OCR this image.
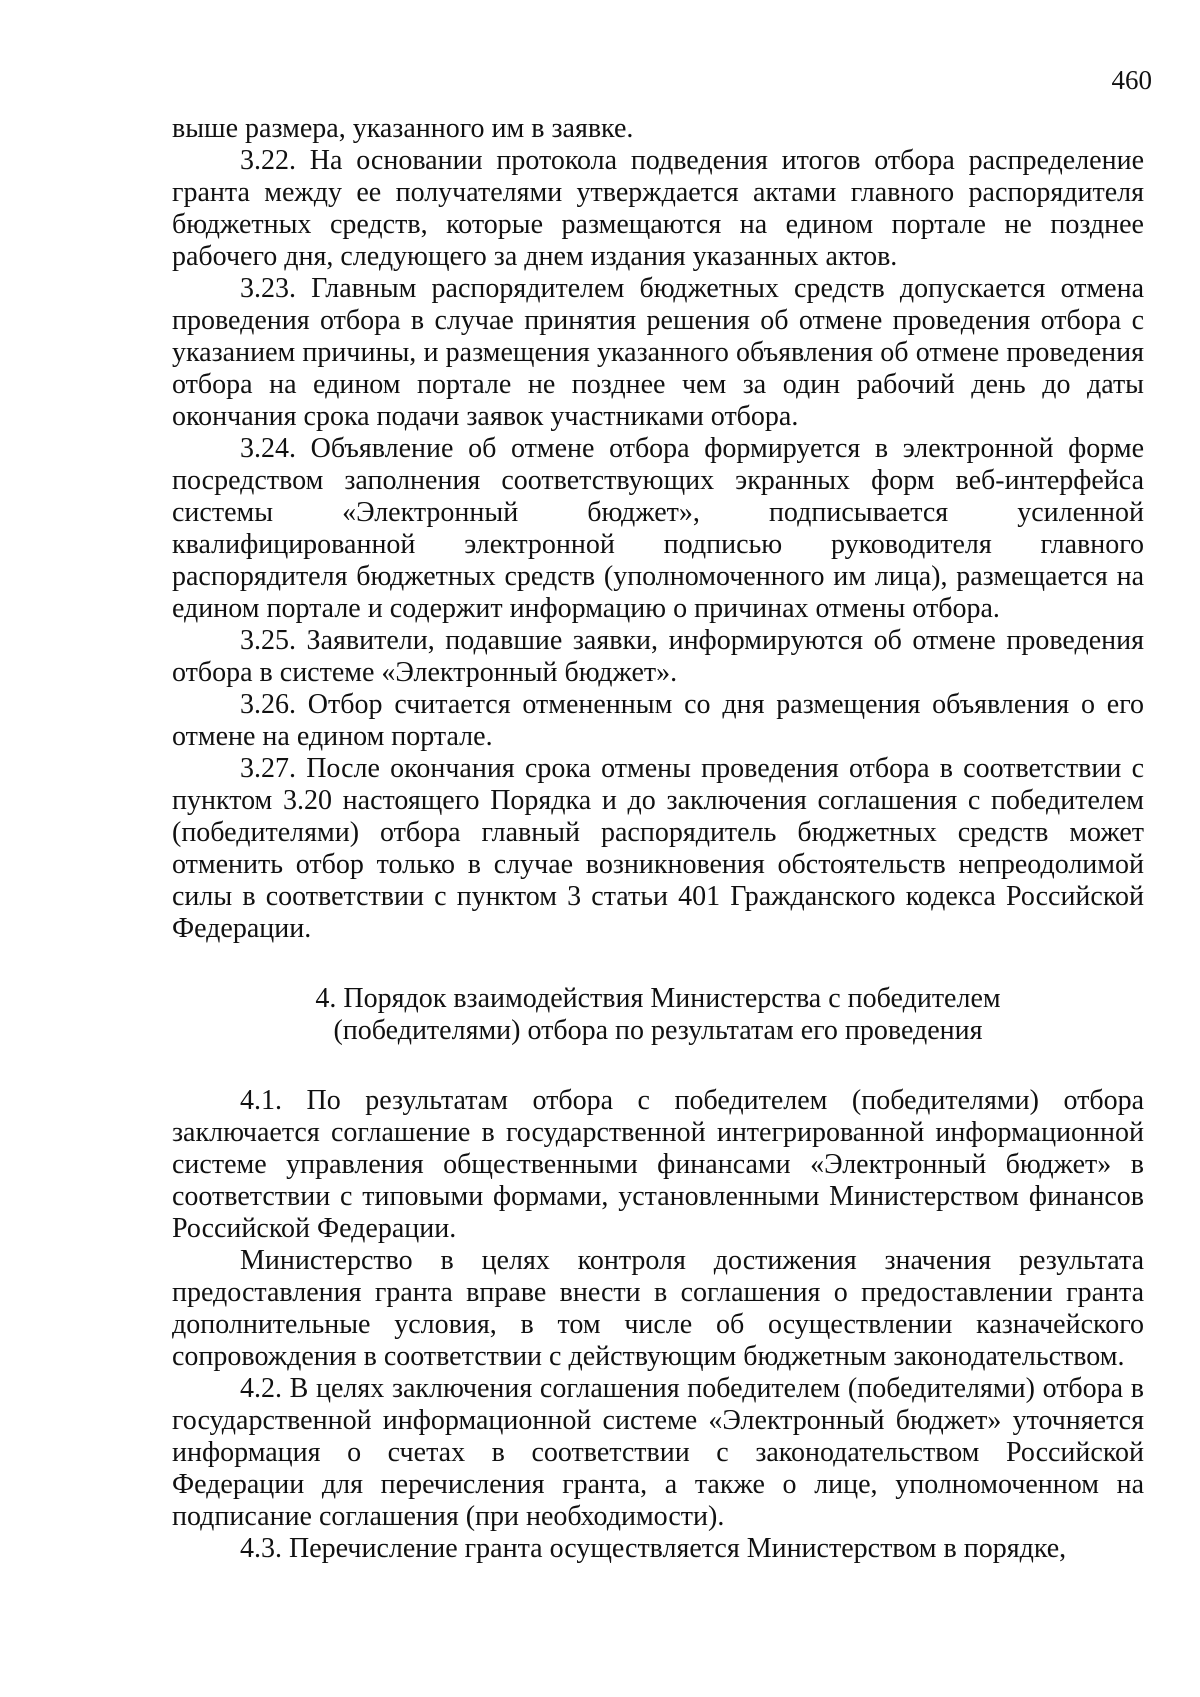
460

выше размера, указанного им в заявке.

3.22. На основании протокола подведения итогов отбора распределение гранта между ее получателями утверждается актами главного распорядителя бюджетных средств, которые размещаются на едином портале не позднее рабочего дня, следующего за днем издания указанных актов.

3.23. Главным распорядителем бюджетных средств допускается отмена проведения отбора в случае принятия решения об отмене проведения отбора с указанием причины, и размещения указанного объявления об отмене проведения отбора на едином портале не позднее чем за один рабочий день до даты окончания срока подачи заявок участниками отбора.

3.24. Объявление об отмене отбора формируется в электронной форме посредством заполнения соответствующих экранных форм веб-интерфейса системы «Электронный бюджет», подписывается усиленной квалифицированной электронной подписью руководителя главного распорядителя бюджетных средств (уполномоченного им лица), размещается на едином портале и содержит информацию о причинах отмены отбора.

3.25. Заявители, подавшие заявки, информируются об отмене проведения отбора в системе «Электронный бюджет».

3.26. Отбор считается отмененным со дня размещения объявления о его отмене на едином портале.

3.27. После окончания срока отмены проведения отбора в соответствии с пунктом 3.20 настоящего Порядка и до заключения соглашения с победителем (победителями) отбора главный распорядитель бюджетных средств может отменить отбор только в случае возникновения обстоятельств непреодолимой силы в соответствии с пунктом 3 статьи 401 Гражданского кодекса Российской Федерации.

4. Порядок взаимодействия Министерства с победителем
(победителями) отбора по результатам его проведения

4.1. По результатам отбора с победителем (победителями) отбора заключается соглашение в государственной интегрированной информационной системе управления общественными финансами «Электронный бюджет» в соответствии с типовыми формами, установленными Министерством финансов Российской Федерации.

Министерство в целях контроля достижения значения результата предоставления гранта вправе внести в соглашения о предоставлении гранта дополнительные условия, в том числе об осуществлении казначейского сопровождения в соответствии с действующим бюджетным законодательством.

4.2. В целях заключения соглашения победителем (победителями) отбора в государственной информационной системе «Электронный бюджет» уточняется информация о счетах в соответствии с законодательством Российской Федерации для перечисления гранта, а также о лице, уполномоченном на подписание соглашения (при необходимости).

4.3. Перечисление гранта осуществляется Министерством в порядке,
